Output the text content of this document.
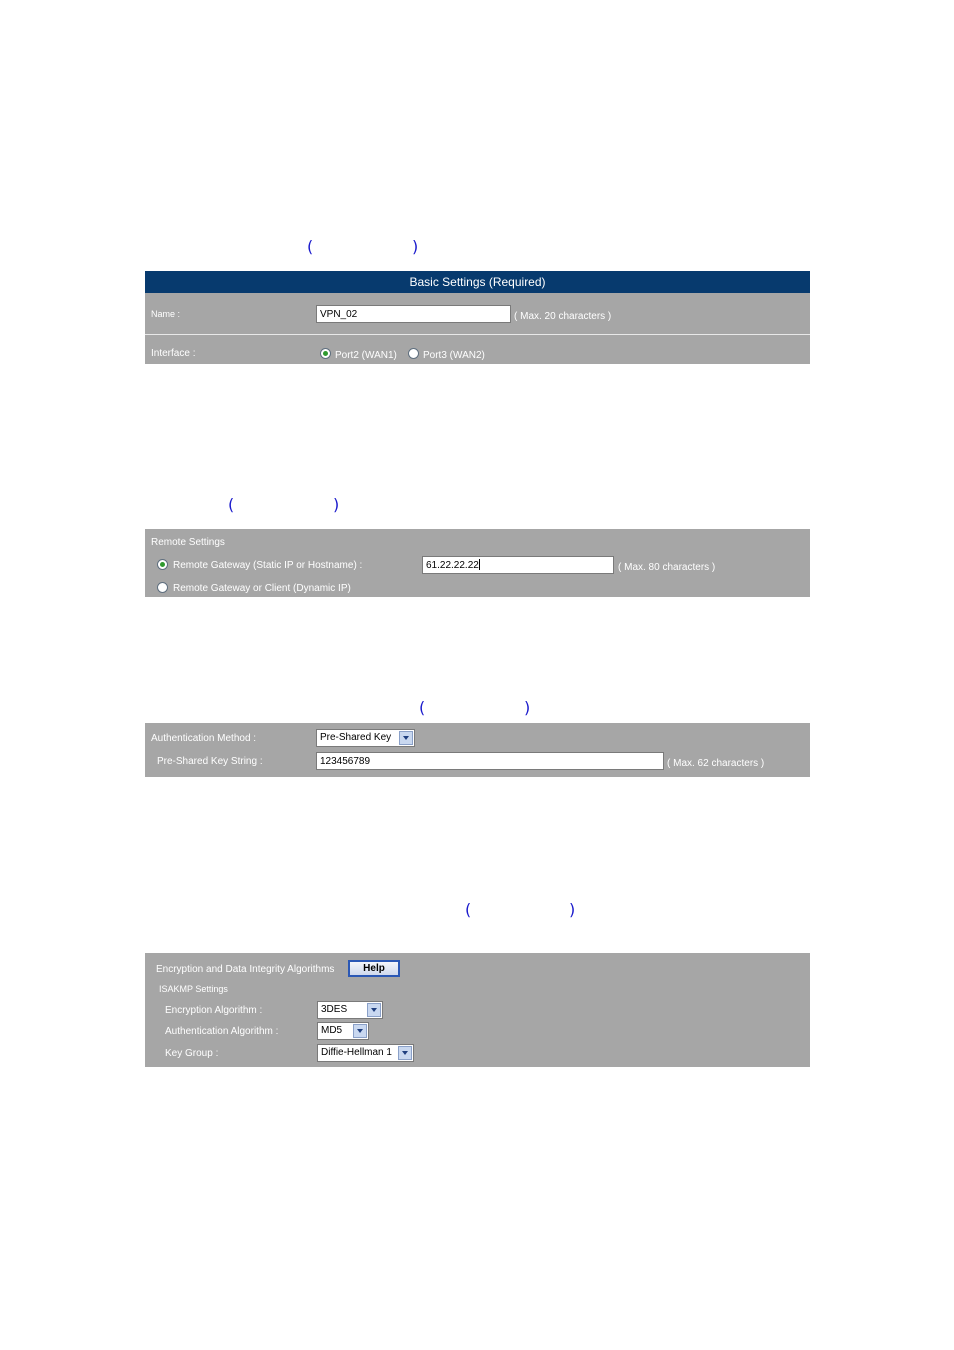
(	)
Basic Settings (Required)
Name :
VPN_02	( Max. 20 characters )
Interface :	Port2 (WAN1)	Port3 (WAN2)
(	)
Remote Settings
Remote Gateway (Static IP or Hostname) :	61.22.22.22	( Max. 80 characters )
Remote Gateway or Client (Dynamic IP)
(	)
Authentication Method :	Pre-Shared Key
Pre-Shared Key String :
123456789	( Max. 62 characters )
(	)
Encryption and Data Integrity Algorithms	Help
ISAKMP Settings
Encryption Algorithm :	3DES
Authentication Algorithm :	MD5
Key Group :	Diffie-Hellman 1
